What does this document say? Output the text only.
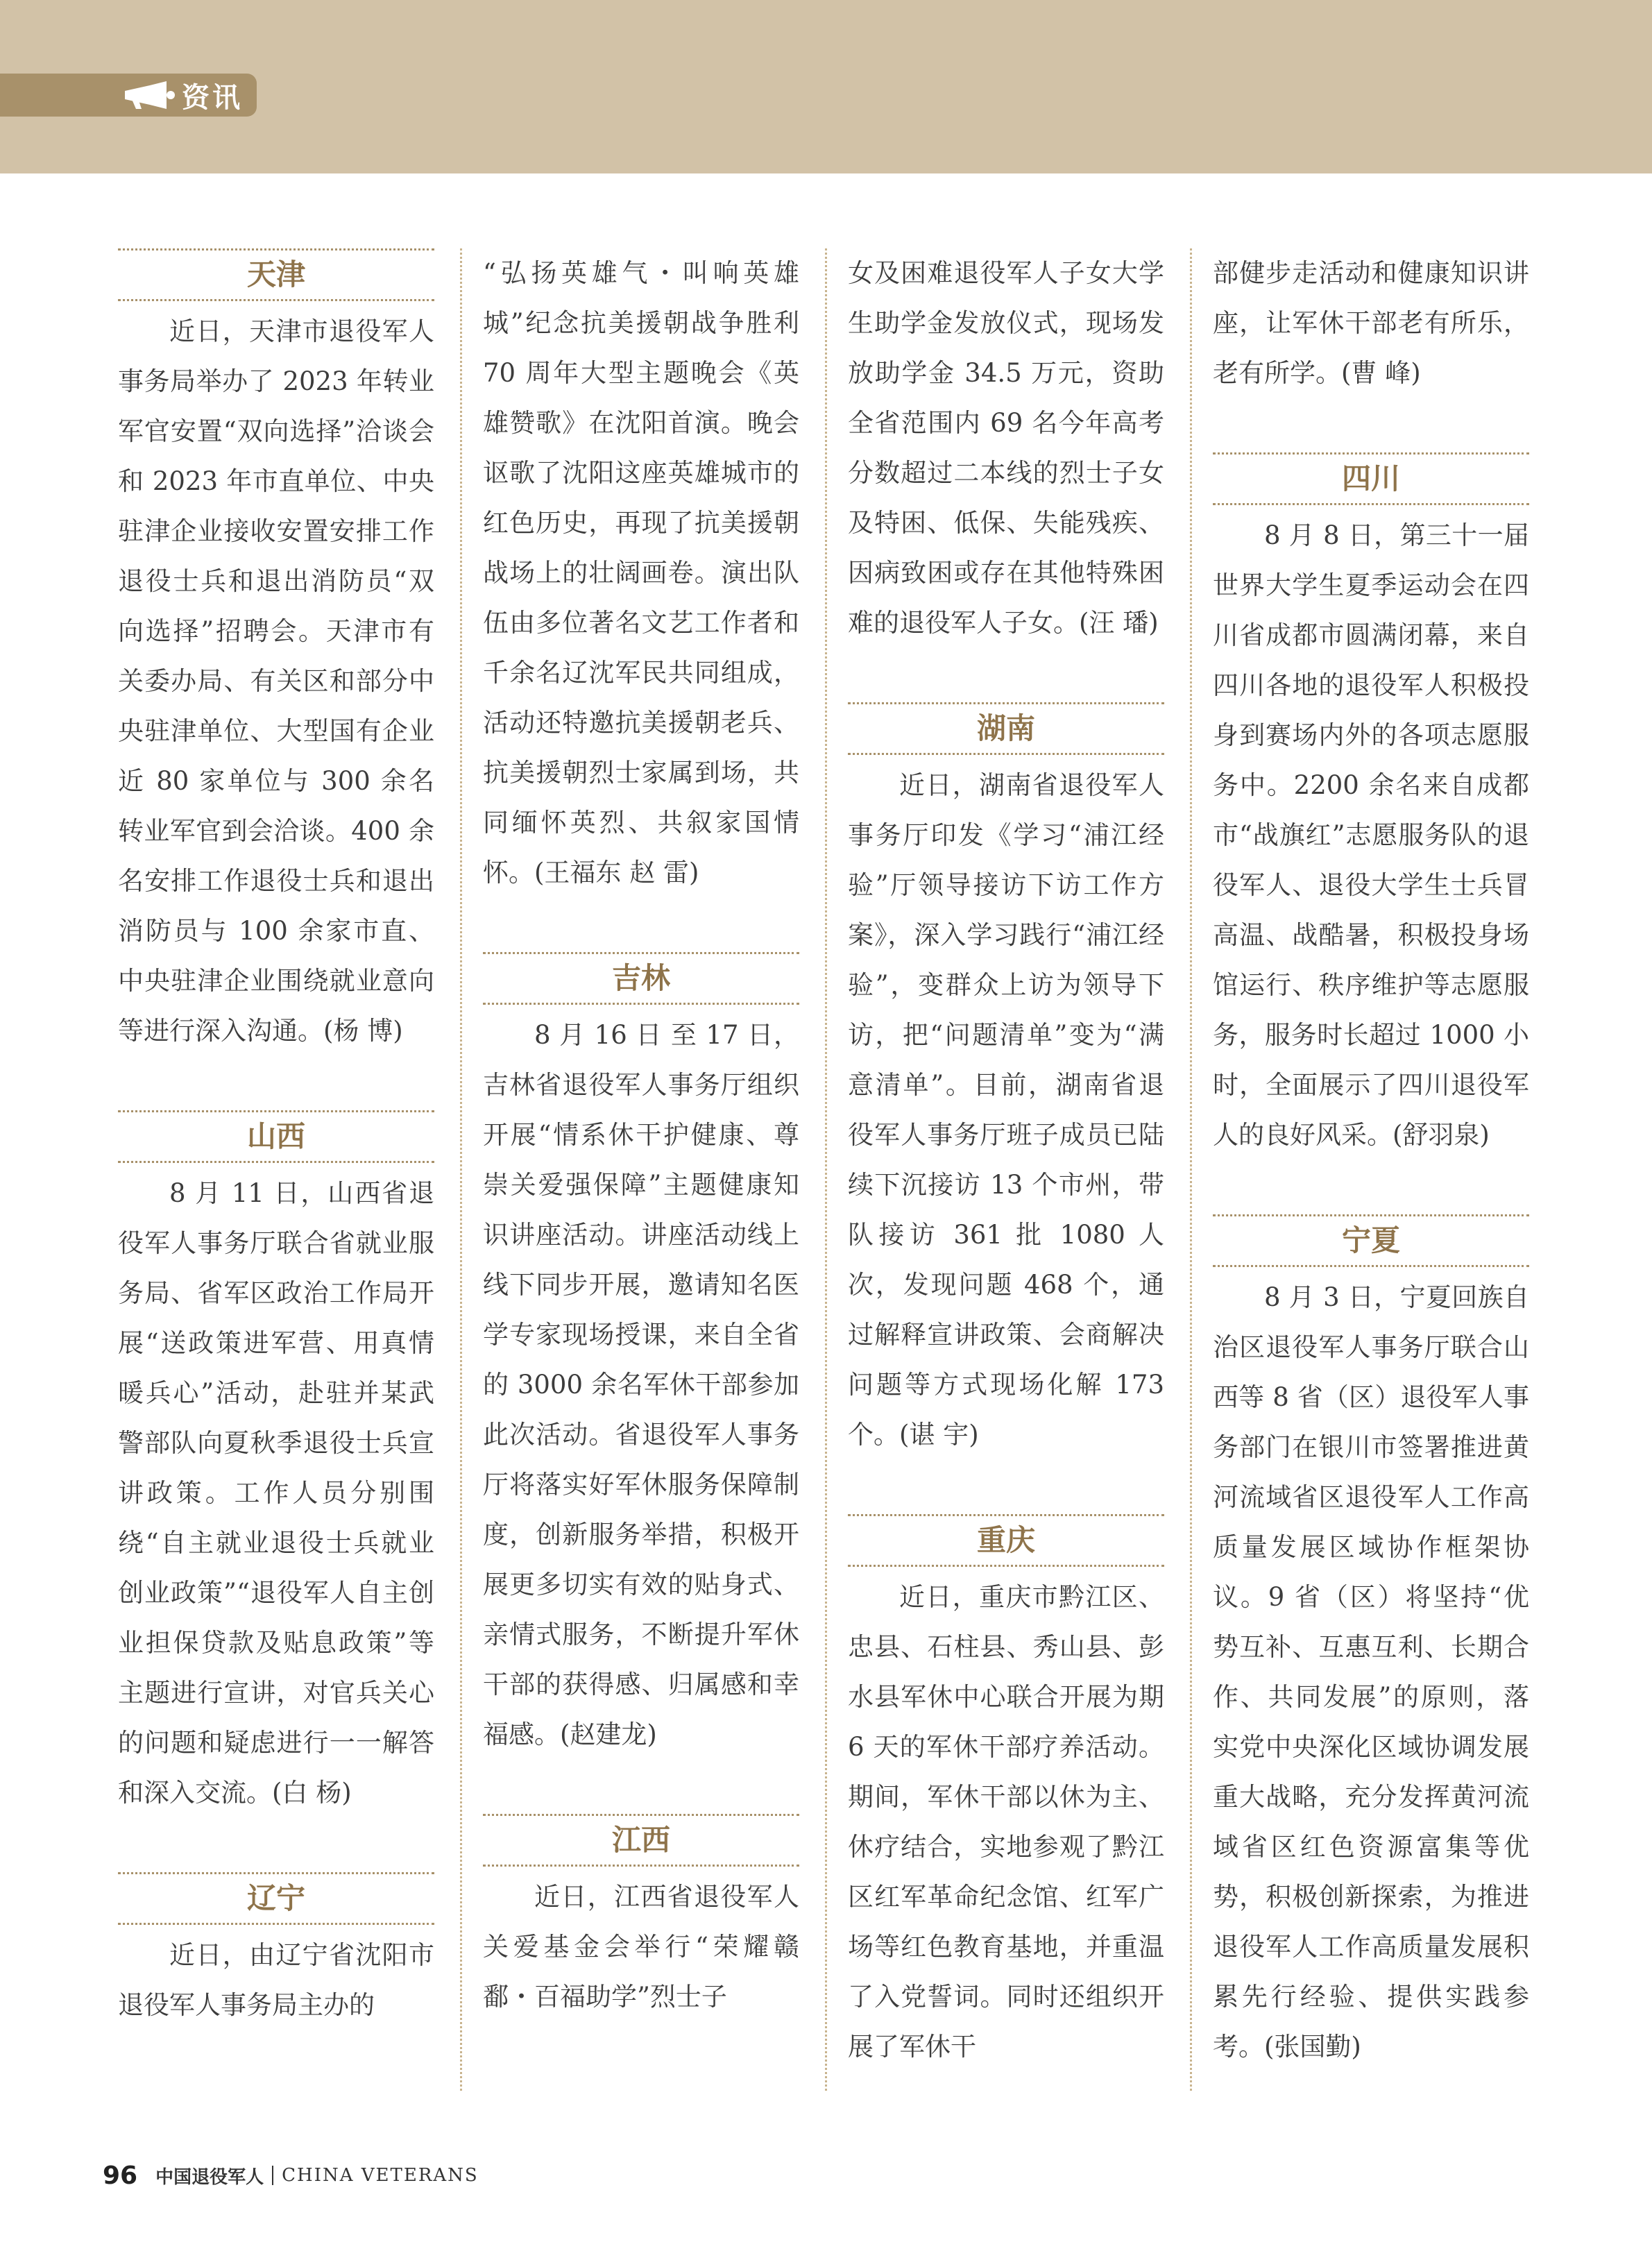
资讯
天津

近日，天津市退役军人事务局举办了 2023 年转业军官安置“双向选择”洽谈会和 2023 年市直单位、中央驻津企业接收安置安排工作退役士兵和退出消防员“双向选择”招聘会。天津市有关委办局、有关区和部分中央驻津单位、大型国有企业近 80 家单位与 300 余名转业军官到会洽谈。400 余名安排工作退役士兵和退出消防员与 100 余家市直、中央驻津企业围绕就业意向等进行深入沟通。(杨 博)

山西

8 月 11 日，山西省退役军人事务厅联合省就业服务局、省军区政治工作局开展“送政策进军营、用真情暖兵心”活动，赴驻并某武警部队向夏秋季退役士兵宣讲政策。工作人员分别围绕“自主就业退役士兵就业创业政策”“退役军人自主创业担保贷款及贴息政策”等主题进行宣讲，对官兵关心的问题和疑虑进行一一解答和深入交流。(白 杨)

辽宁

近日，由辽宁省沈阳市退役军人事务局主办的

“弘扬英雄气・叫响英雄城”纪念抗美援朝战争胜利 70 周年大型主题晚会《英雄赞歌》在沈阳首演。晚会讴歌了沈阳这座英雄城市的红色历史，再现了抗美援朝战场上的壮阔画卷。演出队伍由多位著名文艺工作者和千余名辽沈军民共同组成，活动还特邀抗美援朝老兵、抗美援朝烈士家属到场，共同缅怀英烈、共叙家国情怀。(王福东 赵 雷)

吉林

8 月 16 日 至 17 日，吉林省退役军人事务厅组织开展“情系休干护健康、尊崇关爱强保障”主题健康知识讲座活动。讲座活动线上线下同步开展，邀请知名医学专家现场授课，来自全省的 3000 余名军休干部参加此次活动。省退役军人事务厅将落实好军休服务保障制度，创新服务举措，积极开展更多切实有效的贴身式、亲情式服务，不断提升军休干部的获得感、归属感和幸福感。(赵建龙)

江西

近日，江西省退役军人关爱基金会举行“荣耀赣鄱・百福助学”烈士子

女及困难退役军人子女大学生助学金发放仪式，现场发放助学金 34.5 万元，资助全省范围内 69 名今年高考分数超过二本线的烈士子女及特困、低保、失能残疾、因病致困或存在其他特殊困难的退役军人子女。(汪 璠)

湖南

近日，湖南省退役军人事务厅印发《学习“浦江经验”厅领导接访下访工作方案》，深入学习践行“浦江经验”，变群众上访为领导下访，把“问题清单”变为“满意清单”。目前，湖南省退役军人事务厅班子成员已陆续下沉接访 13 个市州，带队接访 361 批 1080 人次，发现问题 468 个，通过解释宣讲政策、会商解决问题等方式现场化解 173 个。(谌 宇)

重庆

近日，重庆市黔江区、忠县、石柱县、秀山县、彭水县军休中心联合开展为期 6 天的军休干部疗养活动。期间，军休干部以休为主、休疗结合，实地参观了黔江区红军革命纪念馆、红军广场等红色教育基地，并重温了入党誓词。同时还组织开展了军休干

部健步走活动和健康知识讲座，让军休干部老有所乐，老有所学。(曹 峰)

四川

8 月 8 日，第三十一届世界大学生夏季运动会在四川省成都市圆满闭幕，来自四川各地的退役军人积极投身到赛场内外的各项志愿服务中。2200 余名来自成都市“战旗红”志愿服务队的退役军人、退役大学生士兵冒高温、战酷暑，积极投身场馆运行、秩序维护等志愿服务，服务时长超过 1000 小时，全面展示了四川退役军人的良好风采。(舒羽泉)

宁夏

8 月 3 日，宁夏回族自治区退役军人事务厅联合山西等 8 省（区）退役军人事务部门在银川市签署推进黄河流域省区退役军人工作高质量发展区域协作框架协议。9 省（区）将坚持“优势互补、互惠互利、长期合作、共同发展”的原则，落实党中央深化区域协调发展重大战略，充分发挥黄河流域省区红色资源富集等优势，积极创新探索，为推进退役军人工作高质量发展积累先行经验、提供实践参考。(张国勤)

96 中国退役军人 CHINA VETERANS
